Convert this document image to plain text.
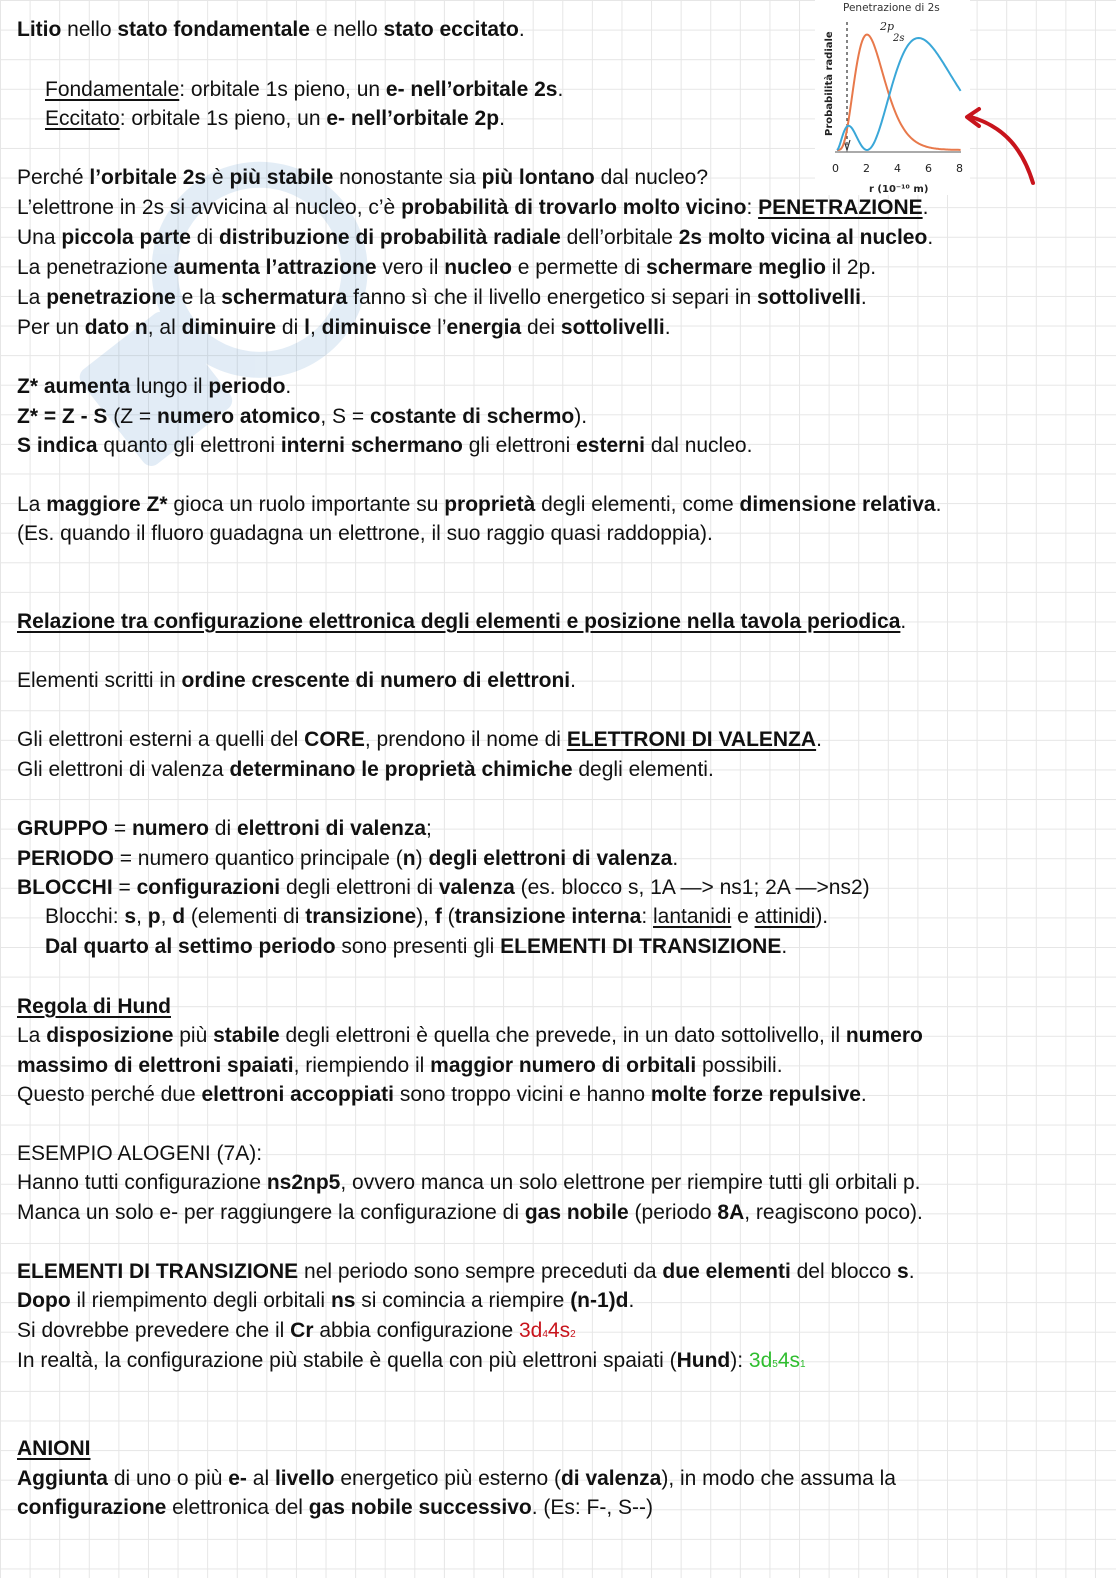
Litio nello stato fondamentale e nello stato eccitato.
Fondamentale: orbitale 1s pieno, un e- nell’orbitale 2s.
Eccitato: orbitale 1s pieno, un e- nell’orbitale 2p.
Perché l’orbitale 2s è più stabile nonostante sia più lontano dal nucleo?
L’elettrone in 2s si avvicina al nucleo, c’è probabilità di trovarlo molto vicino: PENETRAZIONE.
Una piccola parte di distribuzione di probabilità radiale dell’orbitale 2s molto vicina al nucleo.
La penetrazione aumenta l’attrazione vero il nucleo e permette di schermare meglio il 2p.
La penetrazione e la schermatura fanno sì che il livello energetico si separi in sottolivelli.
Per un dato n, al diminuire di l, diminuisce l’energia dei sottolivelli.
Z* aumenta lungo il periodo.
Z* = Z - S (Z = numero atomico, S = costante di schermo).
S indica quanto gli elettroni interni schermano gli elettroni esterni dal nucleo.
La maggiore Z* gioca un ruolo importante su proprietà degli elementi, come dimensione relativa.
(Es. quando il fluoro guadagna un elettrone, il suo raggio quasi raddoppia).
Relazione tra configurazione elettronica degli elementi e posizione nella tavola periodica.
Elementi scritti in ordine crescente di numero di elettroni.
Gli elettroni esterni a quelli del CORE, prendono il nome di ELETTRONI DI VALENZA.
Gli elettroni di valenza determinano le proprietà chimiche degli elementi.
GRUPPO = numero di elettroni di valenza;
PERIODO = numero quantico principale (n) degli elettroni di valenza.
BLOCCHI = configurazioni degli elettroni di valenza (es. blocco s, 1A —> ns1; 2A —>ns2)
Blocchi: s, p, d (elementi di transizione), f (transizione interna: lantanidi e attinidi).
Dal quarto al settimo periodo sono presenti gli ELEMENTI DI TRANSIZIONE.
Regola di Hund
La disposizione più stabile degli elettroni è quella che prevede, in un dato sottolivello, il numero
massimo di elettroni spaiati, riempiendo il maggior numero di orbitali possibili.
Questo perché due elettroni accoppiati sono troppo vicini e hanno molte forze repulsive.
ESEMPIO ALOGENI (7A):
Hanno tutti configurazione ns2np5, ovvero manca un solo elettrone per riempire tutti gli orbitali p.
Manca un solo e- per raggiungere la configurazione di gas nobile (periodo 8A, reagiscono poco).
ELEMENTI DI TRANSIZIONE nel periodo sono sempre preceduti da due elementi del blocco s.
Dopo il riempimento degli orbitali ns si comincia a riempire (n-1)d.
Si dovrebbe prevedere che il Cr abbia configurazione 3d44s2
In realtà, la configurazione più stabile è quella con più elettroni spaiati (Hund): 3d54s1
ANIONI
Aggiunta di uno o più e- al livello energetico più esterno (di valenza), in modo che assuma la
configurazione elettronica del gas nobile successivo. (Es: F-, S--)
Penetrazione di 2s
Probabilità radiale
2p
2s
0 2 4 6 8
r (10⁻¹⁰ m)
